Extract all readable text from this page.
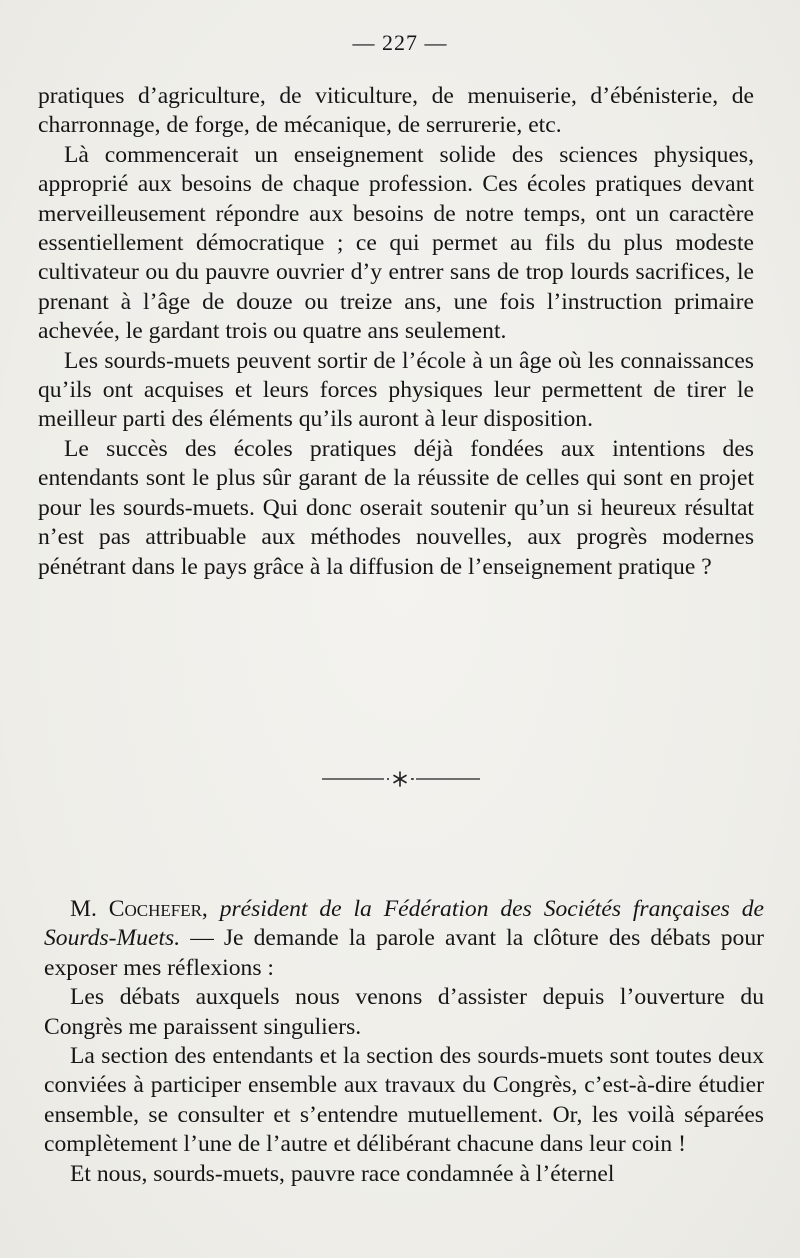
— 227 —

pratiques d’agriculture, de viticulture, de menuiserie, d’ébénisterie, de charronnage, de forge, de mécanique, de serrurerie, etc.

Là commencerait un enseignement solide des sciences physiques, approprié aux besoins de chaque profession. Ces écoles pratiques devant merveilleusement répondre aux besoins de notre temps, ont un caractère essentiellement démocratique ; ce qui permet au fils du plus modeste cultivateur ou du pauvre ouvrier d’y entrer sans de trop lourds sacrifices, le prenant à l’âge de douze ou treize ans, une fois l’instruction primaire achevée, le gardant trois ou quatre ans seulement.

Les sourds-muets peuvent sortir de l’école à un âge où les connaissances qu’ils ont acquises et leurs forces physiques leur permettent de tirer le meilleur parti des éléments qu’ils auront à leur disposition.

Le succès des écoles pratiques déjà fondées aux intentions des entendants sont le plus sûr garant de la réussite de celles qui sont en projet pour les sourds-muets. Qui donc oserait soutenir qu’un si heureux résultat n’est pas attribuable aux méthodes nouvelles, aux progrès modernes pénétrant dans le pays grâce à la diffusion de l’enseignement pratique ?

M. Cochefer, président de la Fédération des Sociétés françaises de Sourds-Muets. — Je demande la parole avant la clôture des débats pour exposer mes réflexions :

Les débats auxquels nous venons d’assister depuis l’ouverture du Congrès me paraissent singuliers.

La section des entendants et la section des sourds-muets sont toutes deux conviées à participer ensemble aux travaux du Congrès, c’est-à-dire étudier ensemble, se consulter et s’entendre mutuellement. Or, les voilà séparées complètement l’une de l’autre et délibérant chacune dans leur coin !

Et nous, sourds-muets, pauvre race condamnée à l’éternel
